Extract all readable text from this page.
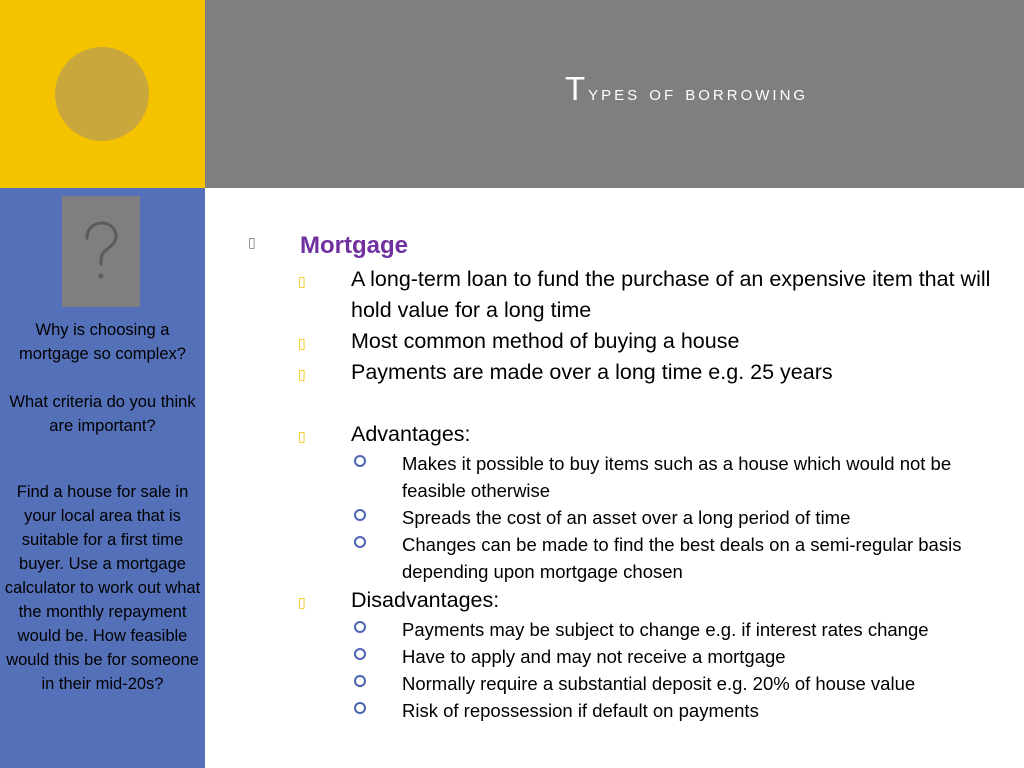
Types of borrowing

Why is choosing a mortgage so complex?

What criteria do you think are important?

Find a house for sale in your local area that is suitable for a first time buyer. Use a mortgage calculator to work out what the monthly repayment would be. How feasible would this be for someone in their mid-20s?

▯ Mortgage
▯ A long-term loan to fund the purchase of an expensive item that will hold value for a long time
▯ Most common method of buying a house
▯ Payments are made over a long time e.g. 25 years
▯ Advantages:
Makes it possible to buy items such as a house which would not be feasible otherwise
Spreads the cost of an asset over a long period of time
Changes can be made to find the best deals on a semi-regular basis depending upon mortgage chosen
▯ Disadvantages:
Payments may be subject to change e.g. if interest rates change
Have to apply and may not receive a mortgage
Normally require a substantial deposit e.g. 20% of house value
Risk of repossession if default on payments
